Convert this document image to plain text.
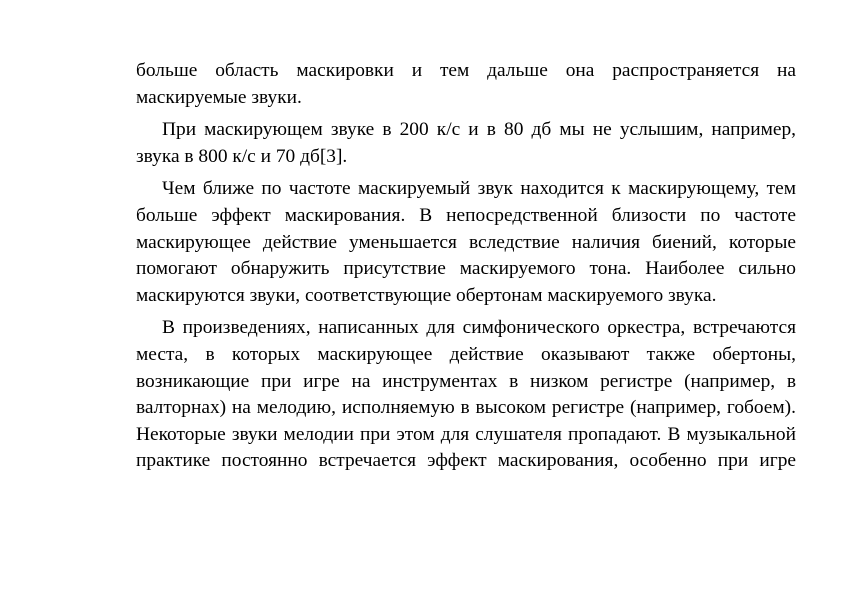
больше область маскировки и тем дальше она распространяется на маскируемые звуки.

При маскирующем звуке в 200 к/с и в 80 дб мы не услышим, например, звука в 800 к/с и 70 дб[3].

Чем ближе по частоте маскируемый звук находится к маскирующему, тем больше эффект маскирования. В непосредственной близости по частоте маскирующее действие уменьшается вследствие наличия биений, которые помогают обнаружить присутствие маскируемого тона. Наиболее сильно маскируются звуки, соответствующие обертонам маскируемого звука.

В произведениях, написанных для симфонического оркестра, встречаются места, в которых маскирующее действие оказывают также обертоны, возникающие при игре на инструментах в низком регистре (например, в валторнах) на мелодию, исполняемую в высоком регистре (например, гобоем). Некоторые звуки мелодии при этом для слушателя пропадают. В музыкальной практике постоянно встречается эффект маскирования, особенно при игре
